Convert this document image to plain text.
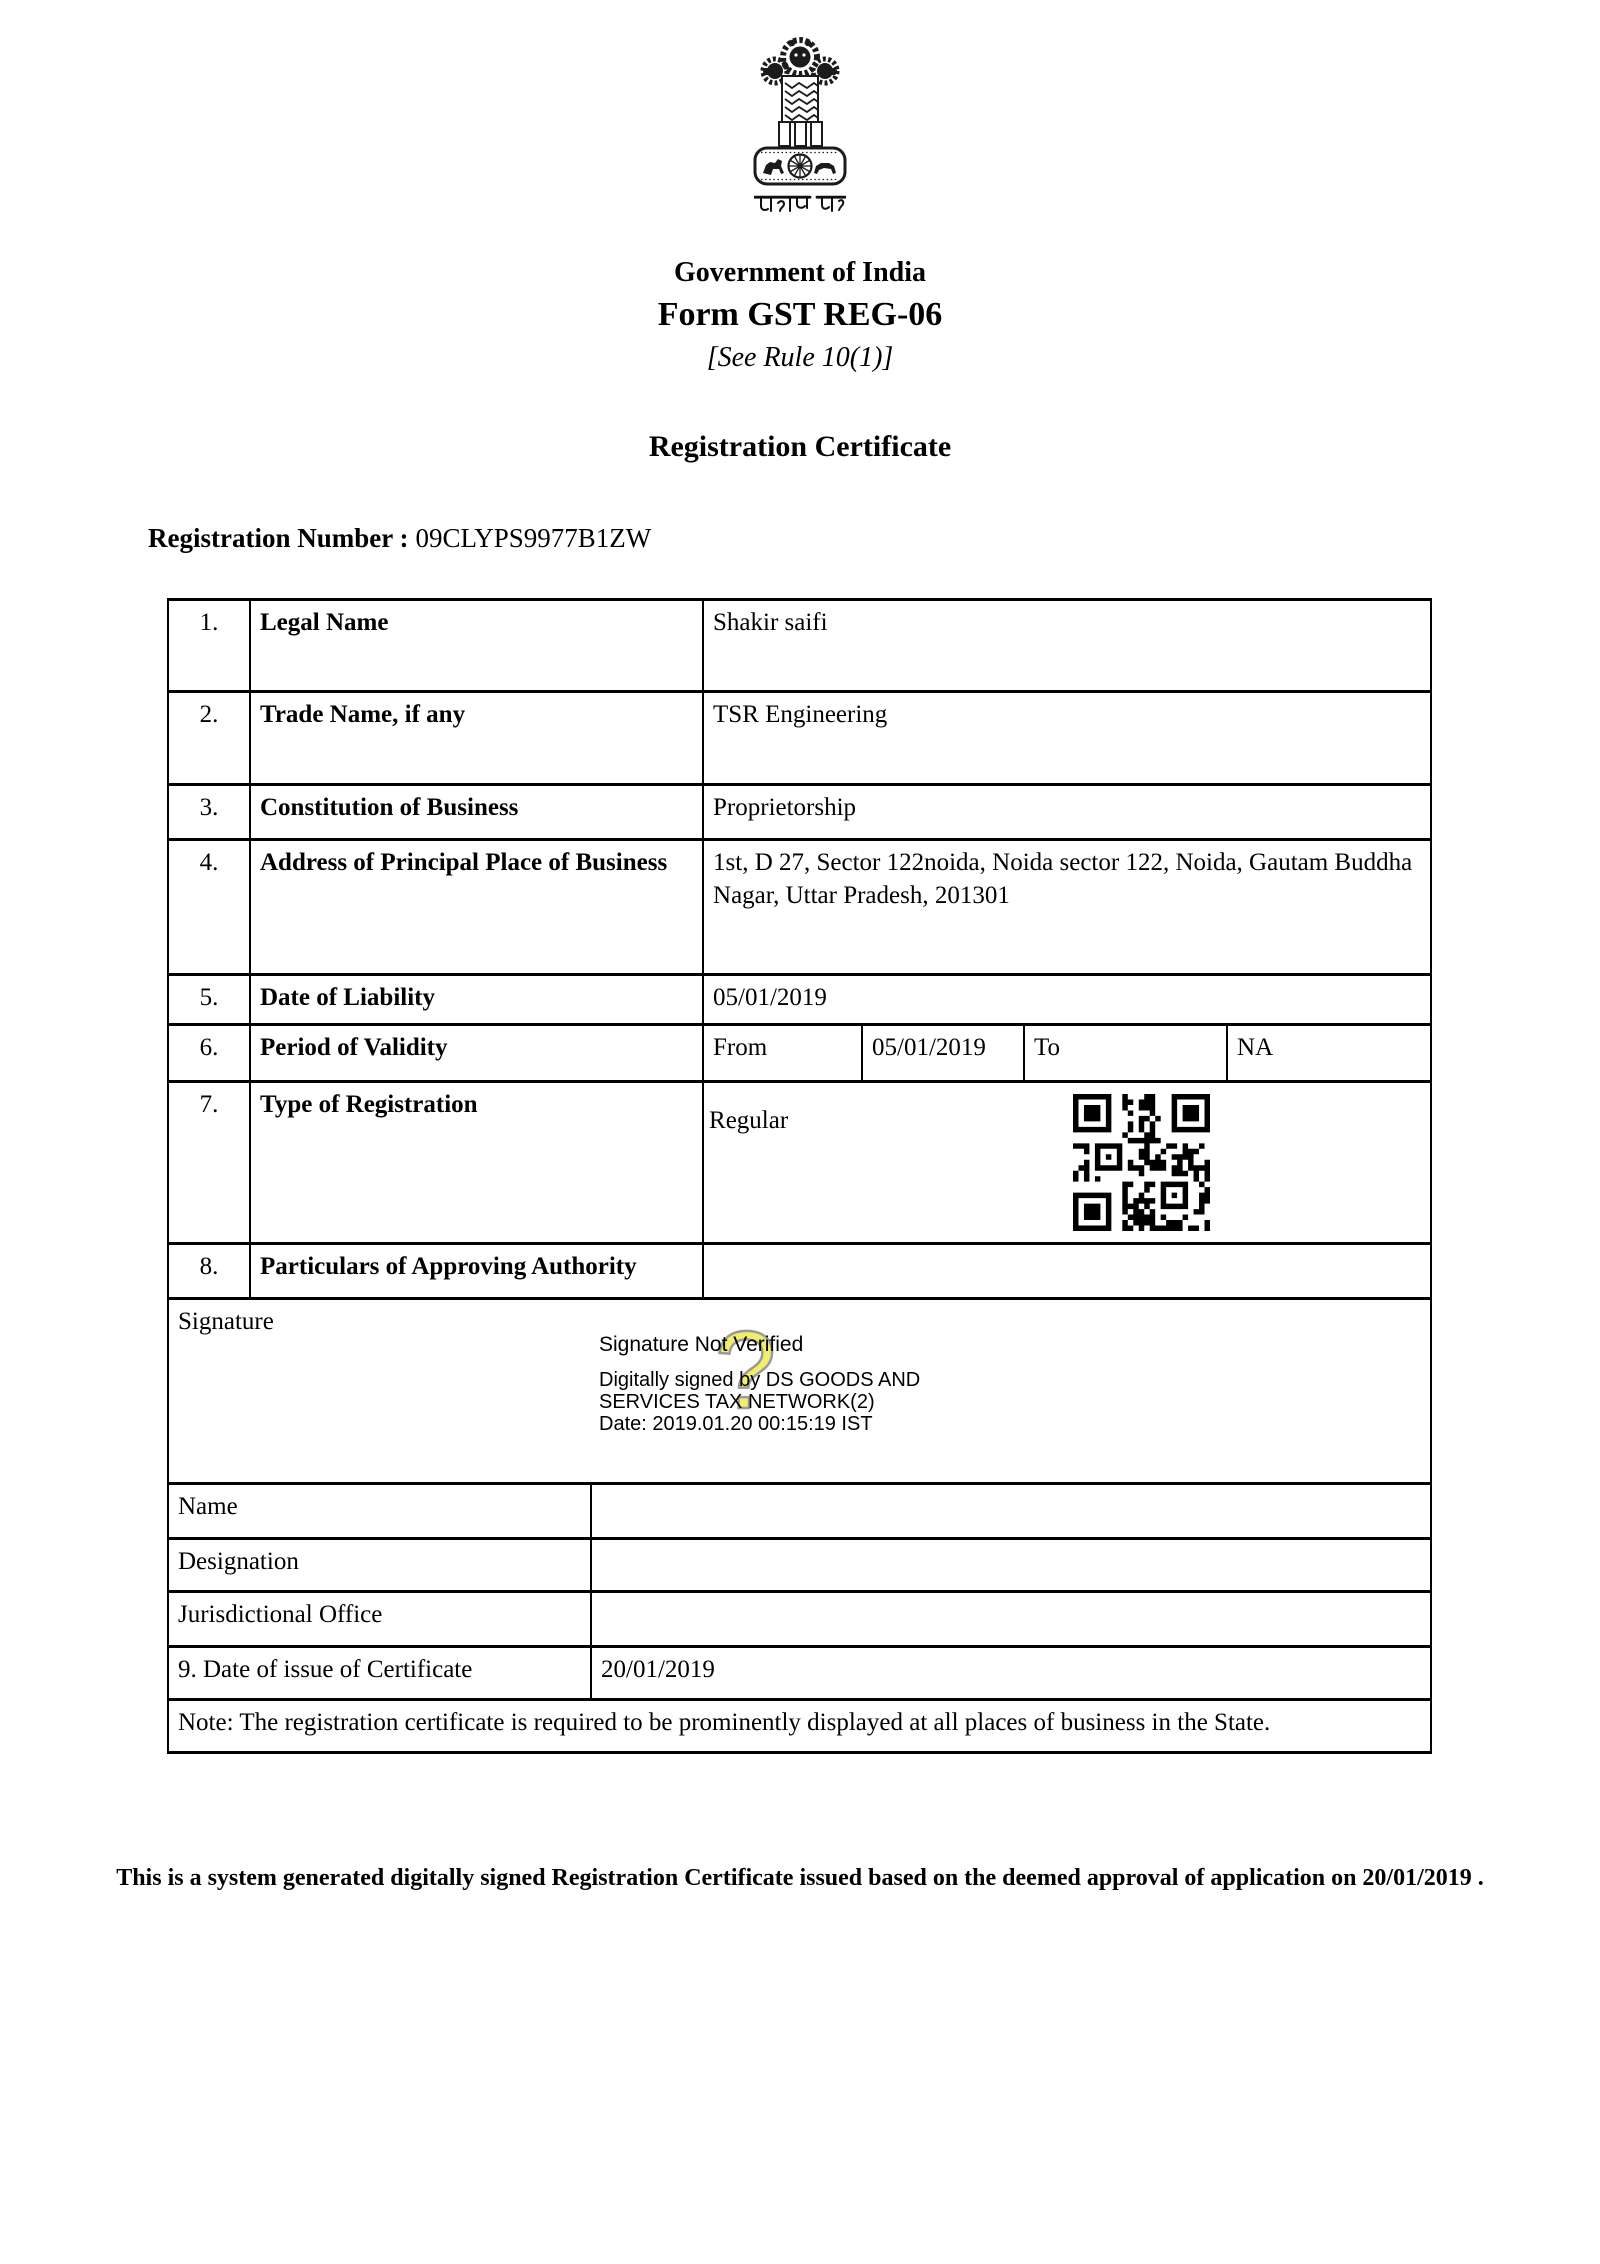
Government of India
Form GST REG-06
[See Rule 10(1)]
Registration Certificate
Registration Number : 09CLYPS9977B1ZW
1.	Legal Name		Shakir saifi			
2.	Trade Name, if any		TSR Engineering			
3.	Constitution of Business		Proprietorship			
4.	Address of Principal Place of Business		1st, D 27, Sector 122noida, Noida sector 122, Noida, Gautam Buddha Nagar, Uttar Pradesh, 201301			
5.	Date of Liability		05/01/2019			
6.	Period of Validity		From	05/01/2019	To	NA
7.	Type of Registration		Regular			

8.	Particulars of Approving Authority					
Signature	?
Signature Not Verified
Digitally signed by DS GOODS AND
SERVICES TAX NETWORK(2)
Date: 2019.01.20 00:15:19 IST

Name						
Designation						
Jurisdictional Office						
9. Date of issue of Certificate		20/01/2019				
Note: The registration certificate is required to be prominently displayed at all places of business in the State.						
This is a system generated digitally signed Registration Certificate issued based on the deemed approval of application on 20/01/2019 .
